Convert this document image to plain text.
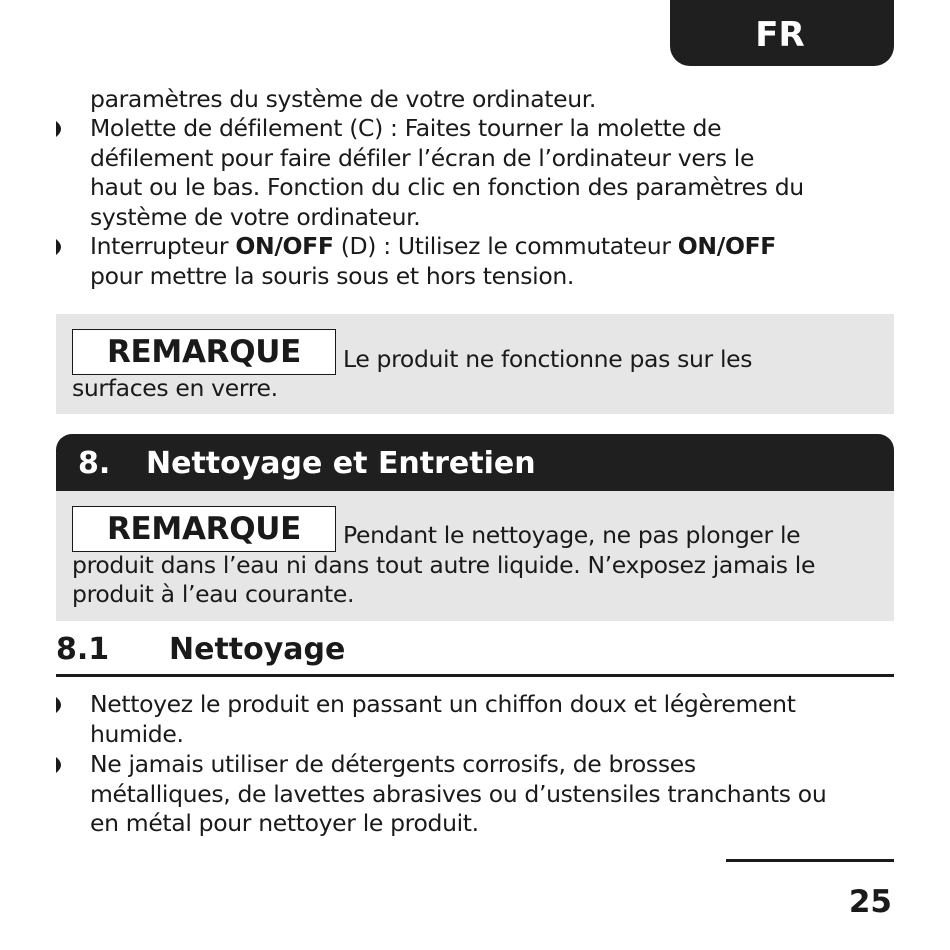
FR

paramètres du système de votre ordinateur.

Molette de défilement (C) : Faites tourner la molette de
défilement pour faire défiler l’écran de l’ordinateur vers le
haut ou le bas. Fonction du clic en fonction des paramètres du
système de votre ordinateur.
Interrupteur ON/OFF (D) : Utilisez le commutateur ON/OFF
pour mettre la souris sous et hors tension.
REMARQUE	Le produit ne fonctionne pas sur les

surfaces en verre.

8. Nettoyage et Entretien
REMARQUE	Pendant le nettoyage, ne pas plonger le

produit dans l’eau ni dans tout autre liquide. N’exposez jamais le

produit à l’eau courante.

8.1 Nettoyage
Nettoyez le produit en passant un chiffon doux et légèrement
humide.
Ne jamais utiliser de détergents corrosifs, de brosses
métalliques, de lavettes abrasives ou d’ustensiles tranchants ou
en métal pour nettoyer le produit.
25
